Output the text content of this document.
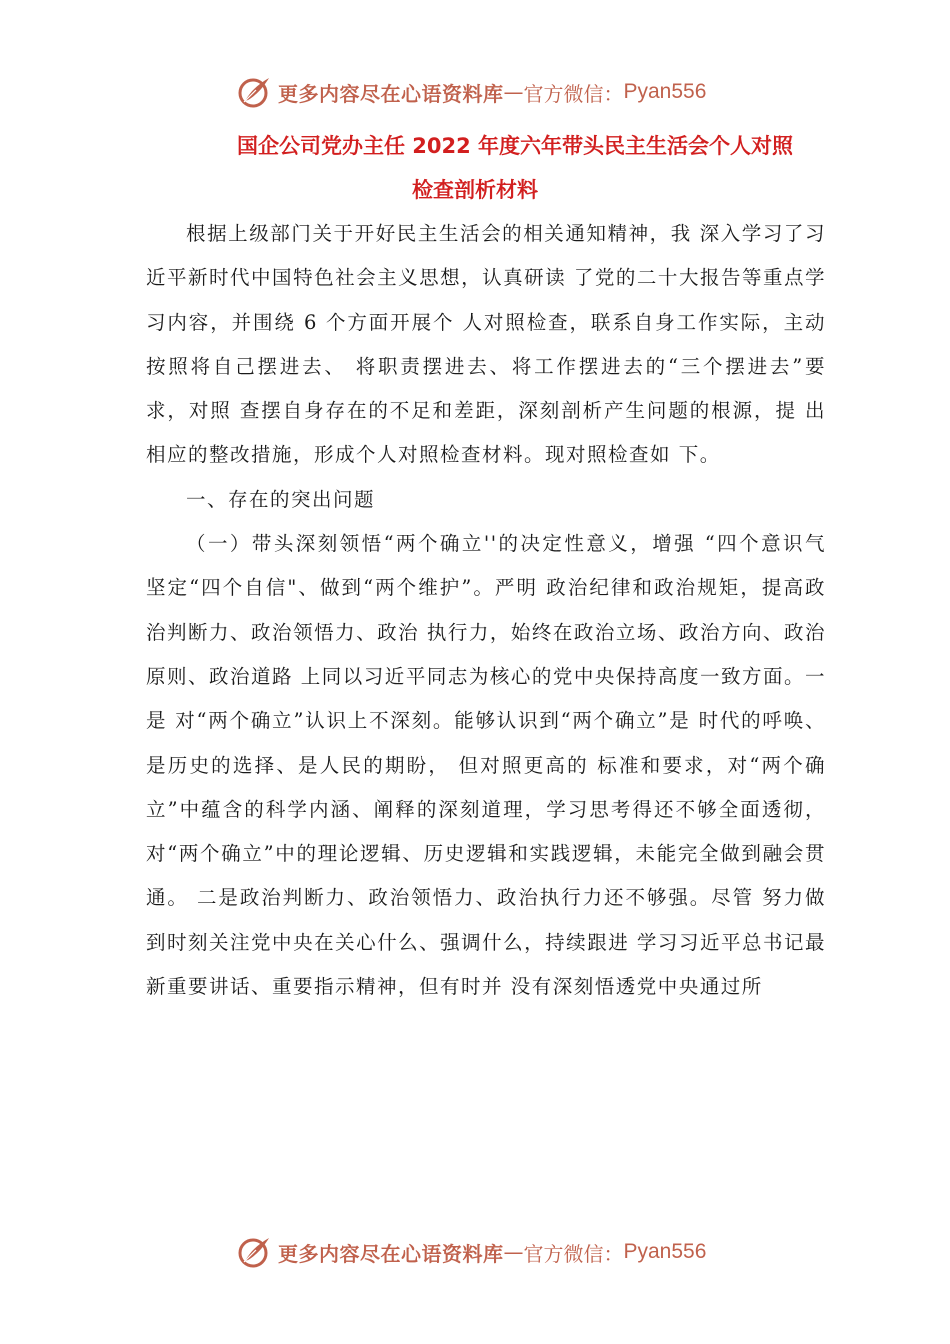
更多内容尽在心语资料库 — 官方微信： Pyan556
国企公司党办主任 2022 年度六年带头民主生活会个人对照
检查剖析材料

根据上级部门关于开好民主生活会的相关通知精神，我 深入学习了习近平新时代中国特色社会主义思想，认真研读 了党的二十大报告等重点学习内容，并围绕 6 个方面开展个 人对照检查，联系自身工作实际，主动按照将自己摆进去、 将职责摆进去、将工作摆进去的“三个摆进去”要求，对照 查摆自身存在的不足和差距，深刻剖析产生问题的根源，提 出相应的整改措施，形成个人对照检查材料。现对照检查如 下。

一、存在的突出问题

（一）带头深刻领悟“两个确立''的决定性意义，增强 “四个意识气 坚定“四个自信"、做到“两个维护”。严明 政治纪律和政治规矩，提高政治判断力、政治领悟力、政治 执行力，始终在政治立场、政治方向、政治原则、政治道路 上同以习近平同志为核心的党中央保持高度一致方面。一是 对“两个确立”认识上不深刻。能够认识到“两个确立”是 时代的呼唤、是历史的选择、是人民的期盼， 但对照更高的 标准和要求，对“两个确立”中蕴含的科学内涵、阐释的深刻道理，学习思考得还不够全面透彻，对“两个确立”中的理论逻辑、历史逻辑和实践逻辑，未能完全做到融会贯通。 二是政治判断力、政治领悟力、政治执行力还不够强。尽管 努力做到时刻关注党中央在关心什么、强调什么，持续跟进 学习习近平总书记最新重要讲话、重要指示精神，但有时并 没有深刻悟透党中央通过所

更多内容尽在心语资料库 — 官方微信： Pyan556
